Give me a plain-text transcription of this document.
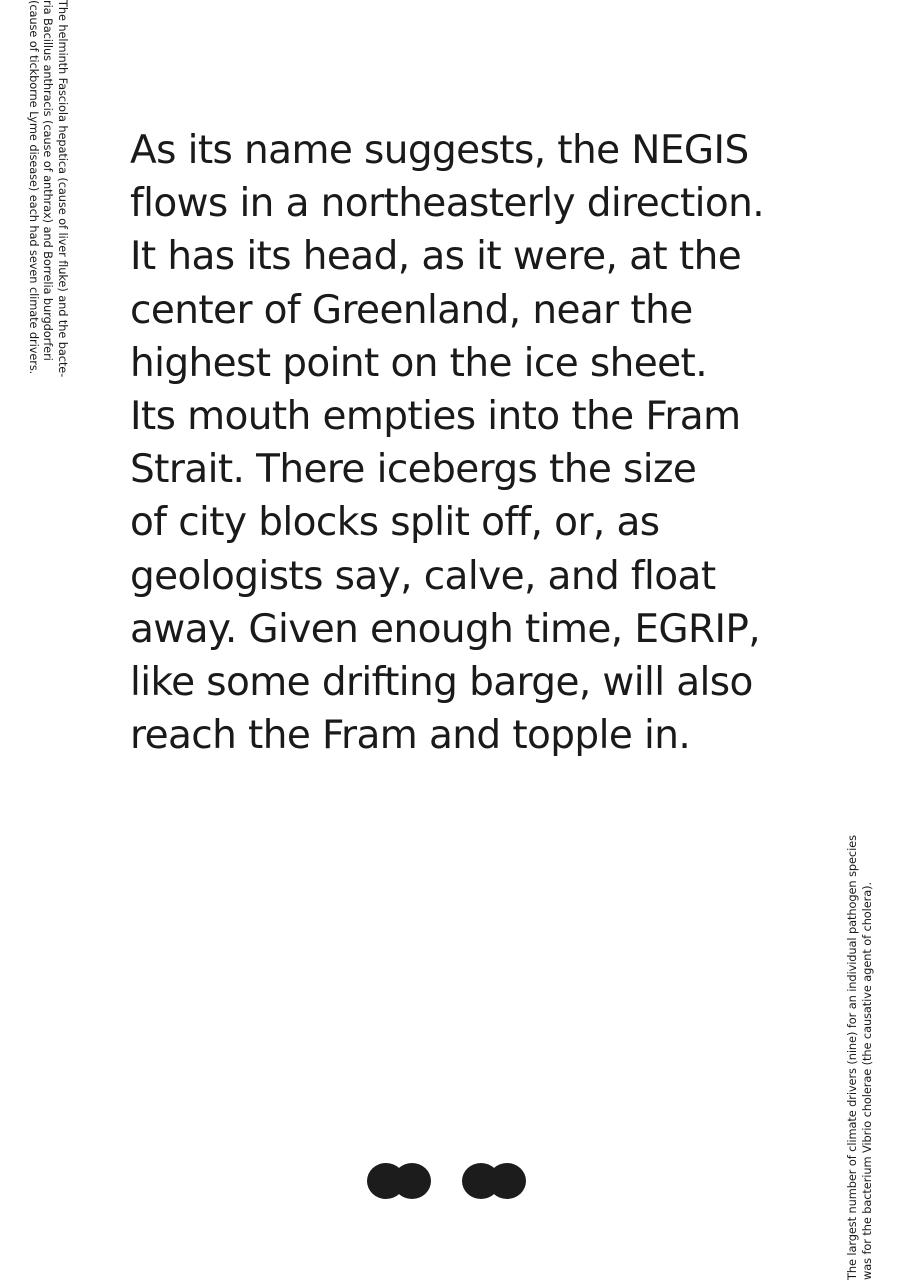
The helminth Fasciola hepatica (cause of liver fluke) and the bacte-
ria Bacillus anthracis (cause of anthrax) and Borrelia burgdorferi
(cause of tickborne Lyme disease) each had seven climate drivers. As its name suggests, the NEGIS
flows in a northeasterly direction.
It has its head, as it were, at the
center of Greenland, near the
highest point on the ice sheet.
Its mouth empties into the Fram
Strait. There icebergs the size
of city blocks split off, or, as
geologists say, calve, and float
away. Given enough time, EGRIP,
like some drifting barge, will also
reach the Fram and topple in.
The largest number of climate drivers (nine) for an individual pathogen species was for the bacterium Vibrio cholerae (the causative agent of cholera).
